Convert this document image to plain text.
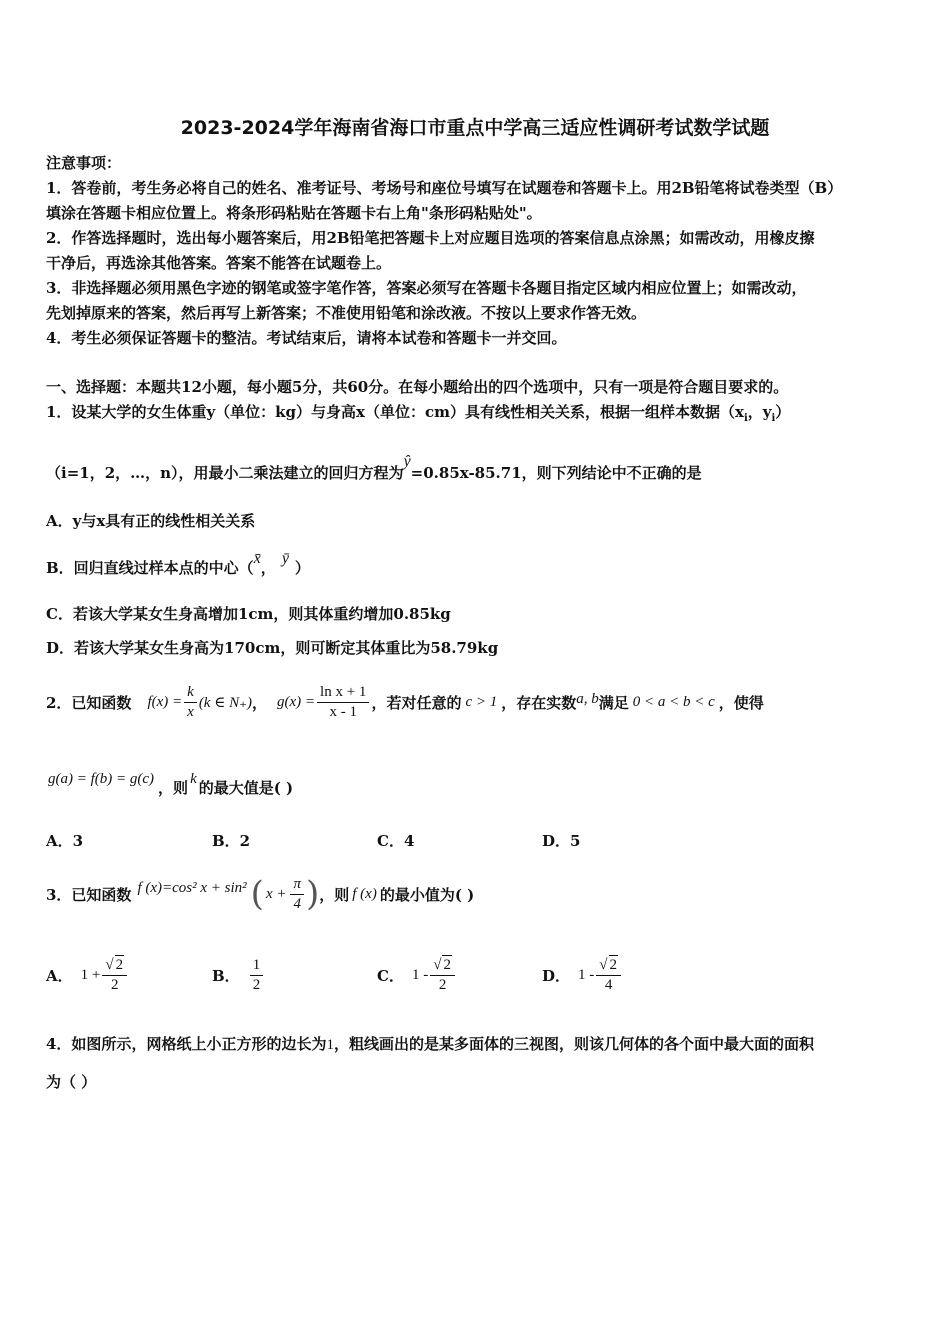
2023-2024学年海南省海口市重点中学高三适应性调研考试数学试题
注意事项：
1．答卷前，考生务必将自己的姓名、准考证号、考场号和座位号填写在试题卷和答题卡上。用2B铅笔将试卷类型（B）
填涂在答题卡相应位置上。将条形码粘贴在答题卡右上角"条形码粘贴处"。
2．作答选择题时，选出每小题答案后，用2B铅笔把答题卡上对应题目选项的答案信息点涂黑；如需改动，用橡皮擦
干净后，再选涂其他答案。答案不能答在试题卷上。
3．非选择题必须用黑色字迹的钢笔或签字笔作答，答案必须写在答题卡各题目指定区域内相应位置上；如需改动，
先划掉原来的答案，然后再写上新答案；不准使用铅笔和涂改液。不按以上要求作答无效。
4．考生必须保证答题卡的整洁。考试结束后，请将本试卷和答题卡一并交回。
一、选择题：本题共12小题，每小题5分，共60分。在每小题给出的四个选项中，只有一项是符合题目要求的。
1．设某大学的女生体重y（单位：kg）与身高x（单位：cm）具有线性相关关系，根据一组样本数据（$x_i$，$y_i$）
（i=1，2，…，n），用最小二乘法建立的回归方程为ŷ=0.85x-85.71，则下列结论中不正确的是
A．y与x具有正的线性相关关系
B．回归直线过样本点的中心（x̄，ȳ）
C．若该大学某女生身高增加1cm，则其体重约增加0.85kg
D．若该大学某女生身高为170cm，则可断定其体重比为58.79kg
2．已知函数 $f(x) = \frac{k}{x} (k$ ∈ N₊) ， $g(x) = \frac{\text{ln x + 1}}{x - 1}$ ，若对任意的 c > 1 ，存在实数 a, b 满足 0 < a < b < c ，使得
g(a) = f(b) = g(c) ，则 k 的最大值是( )
A．3	B．2	C．4	D．5
3．已知函数 f (x)=cos² x + sin² ( $x + \frac{\pi}{4}$ ) ，则 f (x) 的最小值为( )
A． $1 + \frac{√ 2}{2}$	B． $\frac{1}{2}$	C． $1 - \frac{√ 2}{2}$	D． $1 - \frac{√ 2}{4}$
4．如图所示，网格纸上小正方形的边长为1，粗线画出的是某多面体的三视图，则该几何体的各个面中最大面的面积
为（ ）
